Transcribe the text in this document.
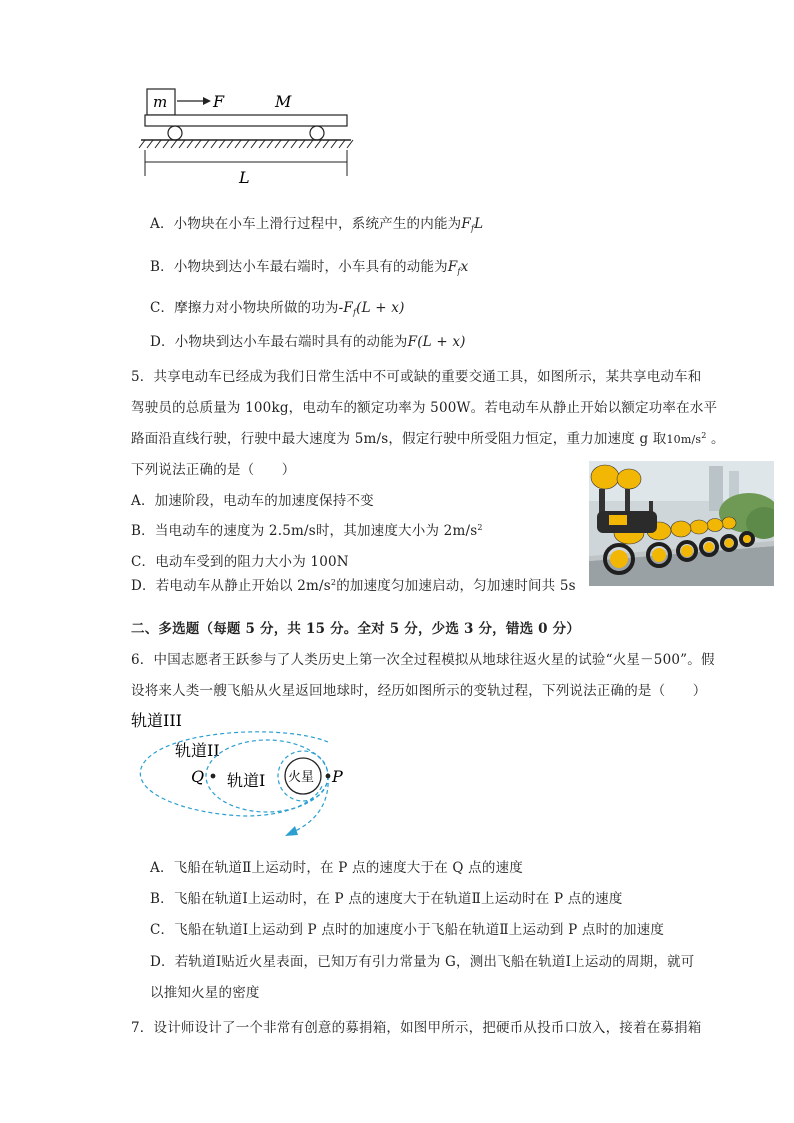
m	F	M
L
A．小物块在小车上滑行过程中，系统产生的内能为$F_fL$
B．小物块到达小车最右端时，小车具有的动能为$F_fx$
C．摩擦力对小物块所做的功为$-F_f(L + x)$
D．小物块到达小车最右端时具有的动能为F(L + x)
5．共享电动车已经成为我们日常生活中不可或缺的重要交通工具，如图所示，某共享电动车和
驾驶员的总质量为 100kg，电动车的额定功率为 500W。若电动车从静止开始以额定功率在水平
路面沿直线行驶，行驶中最大速度为 5m/s，假定行驶中所受阻力恒定，重力加速度 g 取$10m/s^2$ 。
下列说法正确的是（　　）
A．加速阶段，电动车的加速度保持不变
B．当电动车的速度为 2.5m/s时，其加速度大小为 $2m/s^2$
C．电动车受到的阻力大小为 100N
D．若电动车从静止开始以 $2m/s^2$的加速度匀加速启动，匀加速时间共 5s
二、多选题（每题 5 分，共 15 分。全对 5 分，少选 3 分，错选 0 分）
6．中国志愿者王跃参与了人类历史上第一次全过程模拟从地球往返火星的试验“火星－500”。假
设将来人类一艘飞船从火星返回地球时，经历如图所示的变轨过程，下列说法正确的是（　　）
轨道III
轨道II
轨道I 火星
Q	P
A．飞船在轨道Ⅱ上运动时，在 P 点的速度大于在 Q 点的速度
B．飞船在轨道Ⅰ上运动时，在 P 点的速度大于在轨道Ⅱ上运动时在 P 点的速度
C．飞船在轨道Ⅰ上运动到 P 点时的加速度小于飞船在轨道Ⅱ上运动到 P 点时的加速度
D．若轨道Ⅰ贴近火星表面，已知万有引力常量为 G，测出飞船在轨道Ⅰ上运动的周期，就可
以推知火星的密度
7．设计师设计了一个非常有创意的募捐箱，如图甲所示，把硬币从投币口放入，接着在募捐箱
